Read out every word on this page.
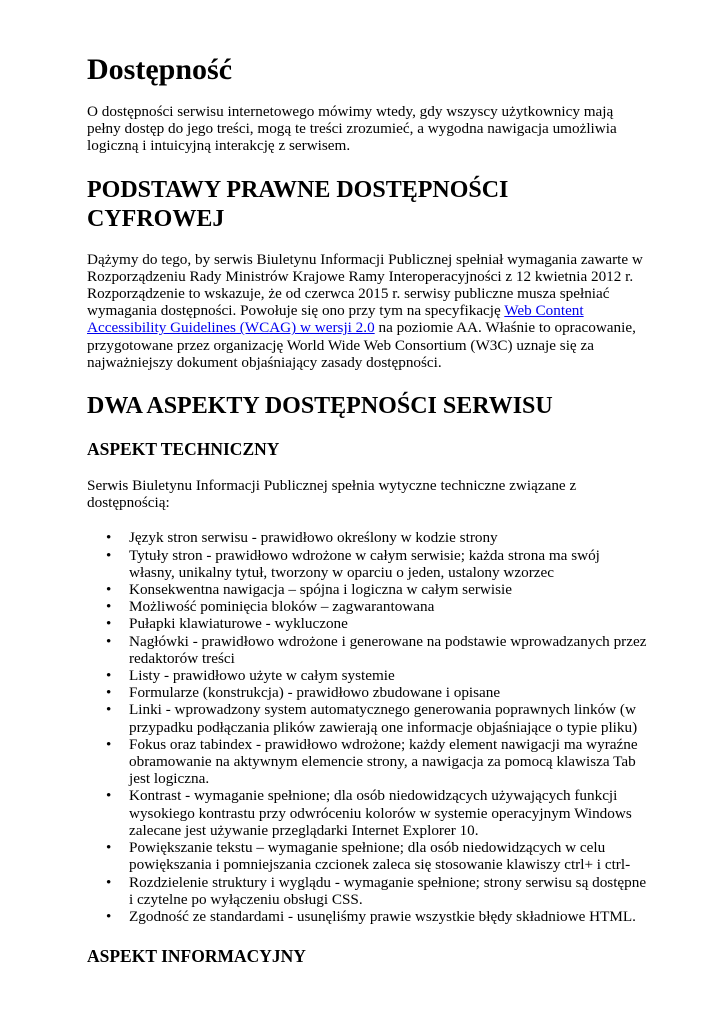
Dostępność

O dostępności serwisu internetowego mówimy wtedy, gdy wszyscy użytkownicy mają pełny dostęp do jego treści, mogą te treści zrozumieć, a wygodna nawigacja umożliwia logiczną i intuicyjną interakcję z serwisem.

PODSTAWY PRAWNE DOSTĘPNOŚCI CYFROWEJ

Dążymy do tego, by serwis Biuletynu Informacji Publicznej spełniał wymagania zawarte w Rozporządzeniu Rady Ministrów Krajowe Ramy Interoperacyjności z 12 kwietnia 2012 r. Rozporządzenie to wskazuje, że od czerwca 2015 r. serwisy publiczne musza spełniać wymagania dostępności. Powołuje się ono przy tym na specyfikację Web Content Accessibility Guidelines (WCAG) w wersji 2.0 na poziomie AA. Właśnie to opracowanie, przygotowane przez organizację World Wide Web Consortium (W3C) uznaje się za najważniejszy dokument objaśniający zasady dostępności.

DWA ASPEKTY DOSTĘPNOŚCI SERWISU
ASPEKT TECHNICZNY

Serwis Biuletynu Informacji Publicznej spełnia wytyczne techniczne związane z dostępnością:

• Język stron serwisu - prawidłowo określony w kodzie strony
• Tytuły stron - prawidłowo wdrożone w całym serwisie; każda strona ma swój własny, unikalny tytuł, tworzony w oparciu o jeden, ustalony wzorzec
• Konsekwentna nawigacja – spójna i logiczna w całym serwisie
• Możliwość pominięcia bloków – zagwarantowana
• Pułapki klawiaturowe - wykluczone
• Nagłówki - prawidłowo wdrożone i generowane na podstawie wprowadzanych przez redaktorów treści
• Listy - prawidłowo użyte w całym systemie
• Formularze (konstrukcja) - prawidłowo zbudowane i opisane
• Linki - wprowadzony system automatycznego generowania poprawnych linków (w przypadku podłączania plików zawierają one informacje objaśniające o typie pliku)
• Fokus oraz tabindex - prawidłowo wdrożone; każdy element nawigacji ma wyraźne obramowanie na aktywnym elemencie strony, a nawigacja za pomocą klawisza Tab jest logiczna.
• Kontrast - wymaganie spełnione; dla osób niedowidzących używających funkcji wysokiego kontrastu przy odwróceniu kolorów w systemie operacyjnym Windows zalecane jest używanie przeglądarki Internet Explorer 10.
• Powiększanie tekstu – wymaganie spełnione; dla osób niedowidzących w celu powiększania i pomniejszania czcionek zaleca się stosowanie klawiszy ctrl+ i ctrl-
• Rozdzielenie struktury i wyglądu - wymaganie spełnione; strony serwisu są dostępne i czytelne po wyłączeniu obsługi CSS.
• Zgodność ze standardami - usunęliśmy prawie wszystkie błędy składniowe HTML.
ASPEKT INFORMACYJNY
